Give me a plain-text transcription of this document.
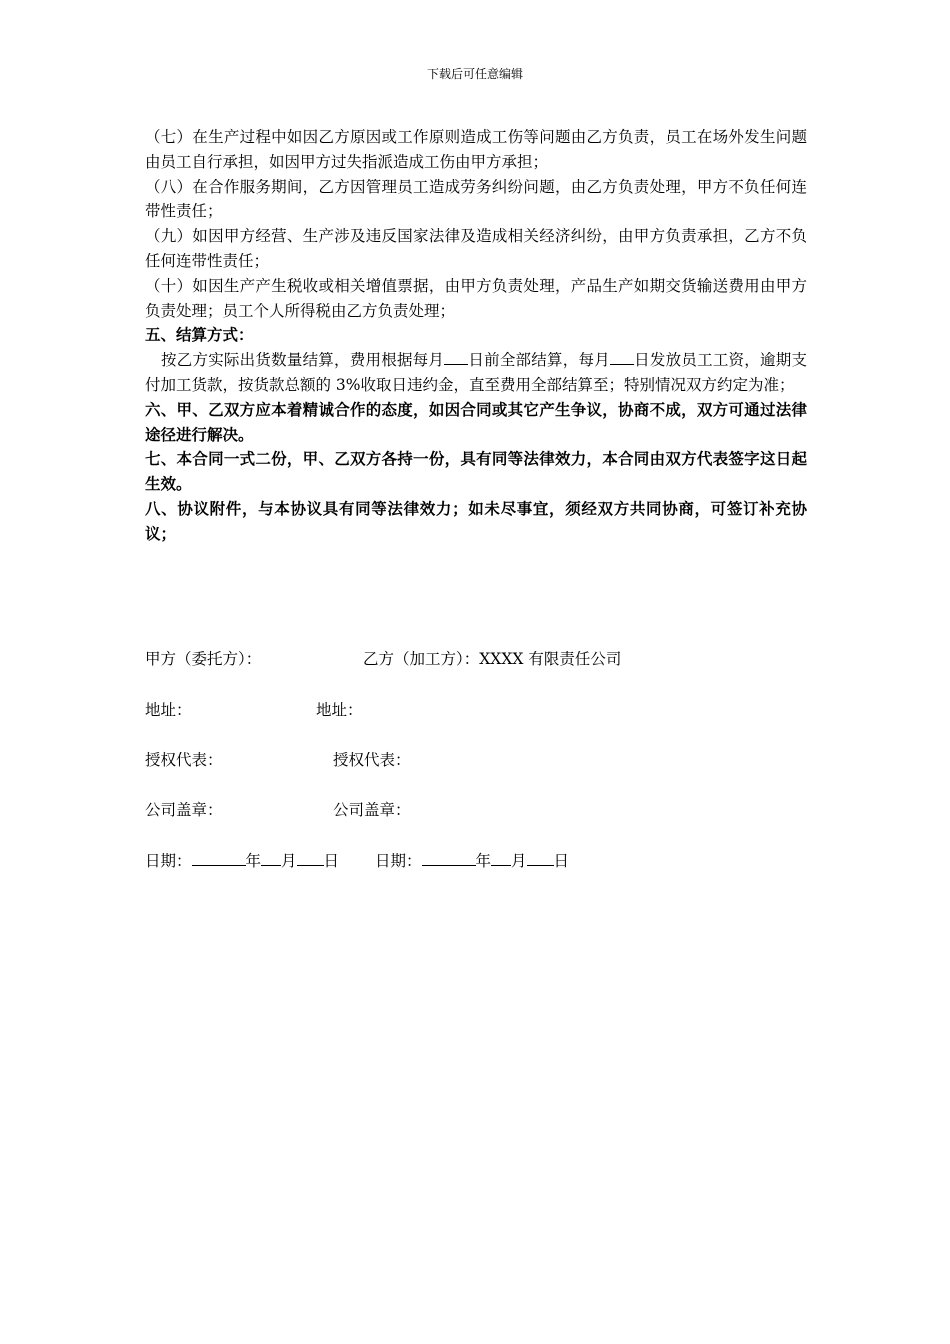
下载后可任意编辑

（七）在生产过程中如因乙方原因或工作原则造成工伤等问题由乙方负责，员工在场外发生问题由员工自行承担，如因甲方过失指派造成工伤由甲方承担；

（八）在合作服务期间，乙方因管理员工造成劳务纠纷问题，由乙方负责处理，甲方不负任何连带性责任；

（九）如因甲方经营、生产涉及违反国家法律及造成相关经济纠纷，由甲方负责承担，乙方不负任何连带性责任；

（十）如因生产产生税收或相关增值票据，由甲方负责处理，产品生产如期交货输送费用由甲方负责处理；员工个人所得税由乙方负责处理；

五、结算方式：

按乙方实际出货数量结算，费用根据每月 日前全部结算，每月 日发放员工工资，逾期支付加工货款，按货款总额的 3%收取日违约金，直至费用全部结算至；特别情况双方约定为准；

六、甲、乙双方应本着精诚合作的态度，如因合同或其它产生争议，协商不成，双方可通过法律途径进行解决。

七、本合同一式二份，甲、乙双方各持一份，具有同等法律效力，本合同由双方代表签字这日起生效。

八、协议附件，与本协议具有同等法律效力；如未尽事宜，须经双方共同协商，可签订补充协议；

甲方（委托方）：	乙方（加工方）：XXXX 有限责任公司
地址：	地址：
授权代表：	授权代表：
公司盖章：	公司盖章：
日期：	年 月 日 日期：	年 月 日
